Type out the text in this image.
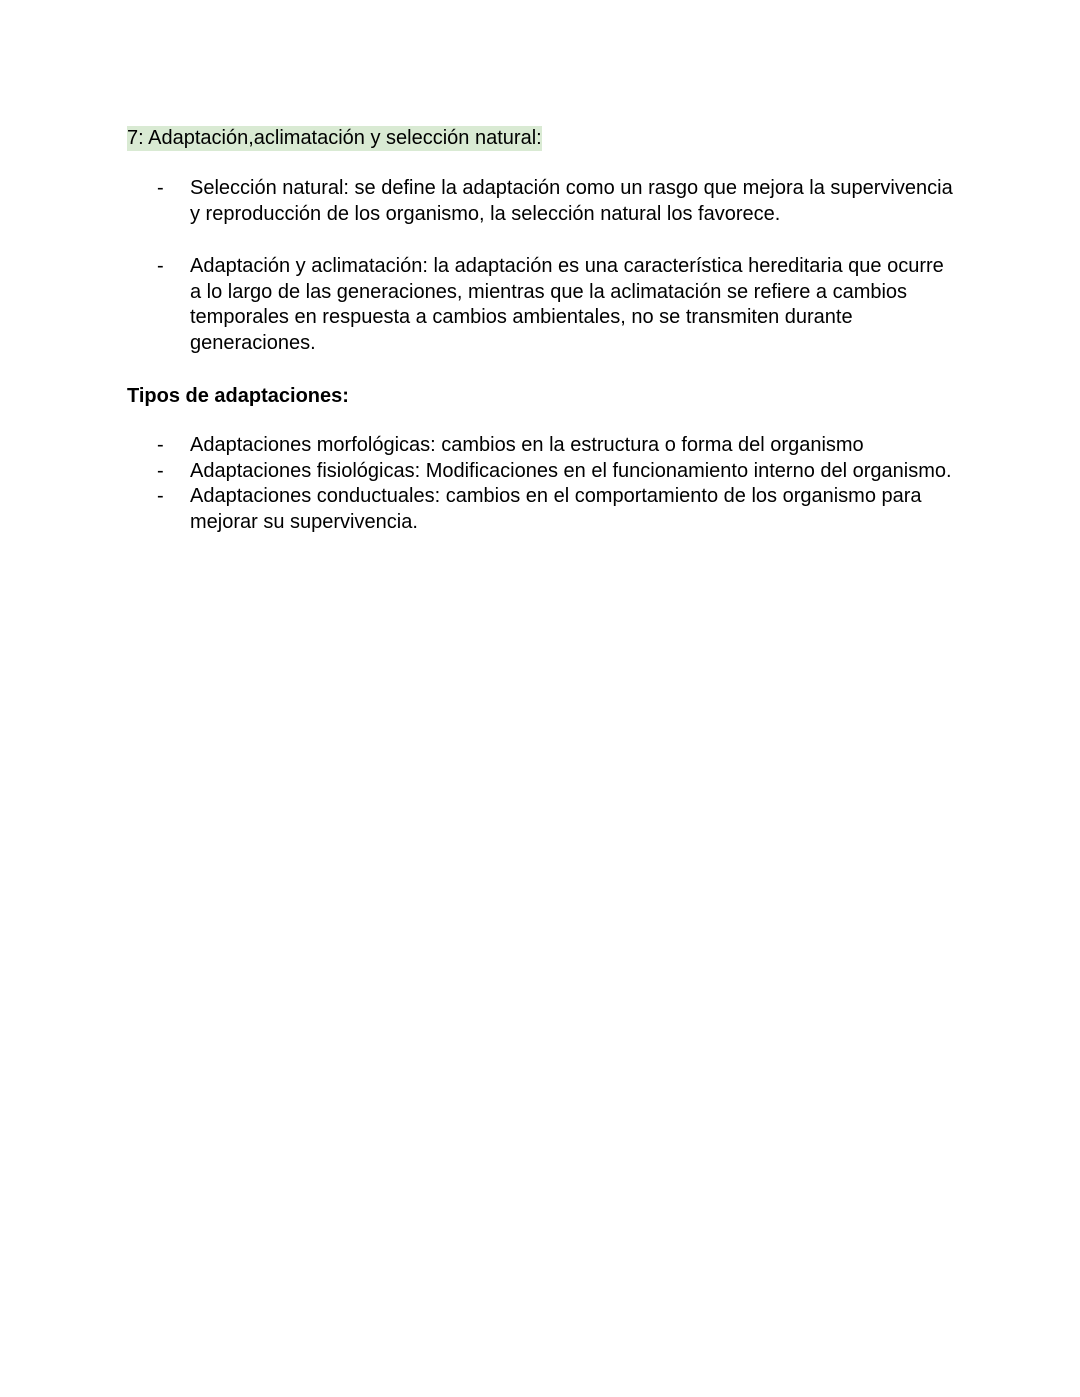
7: Adaptación,aclimatación y selección natural:
- Selección natural: se define la adaptación como un rasgo que mejora la supervivencia y reproducción de los organismo, la selección natural los favorece.
- Adaptación y aclimatación: la adaptación es una característica hereditaria que ocurre a lo largo de las generaciones, mientras que la aclimatación se refiere a cambios temporales en respuesta a cambios ambientales, no se transmiten durante generaciones.
Tipos de adaptaciones:
- Adaptaciones morfológicas: cambios en la estructura o forma del organismo
- Adaptaciones fisiológicas: Modificaciones en el funcionamiento interno del organismo.
- Adaptaciones conductuales: cambios en el comportamiento de los organismo para mejorar su supervivencia.
